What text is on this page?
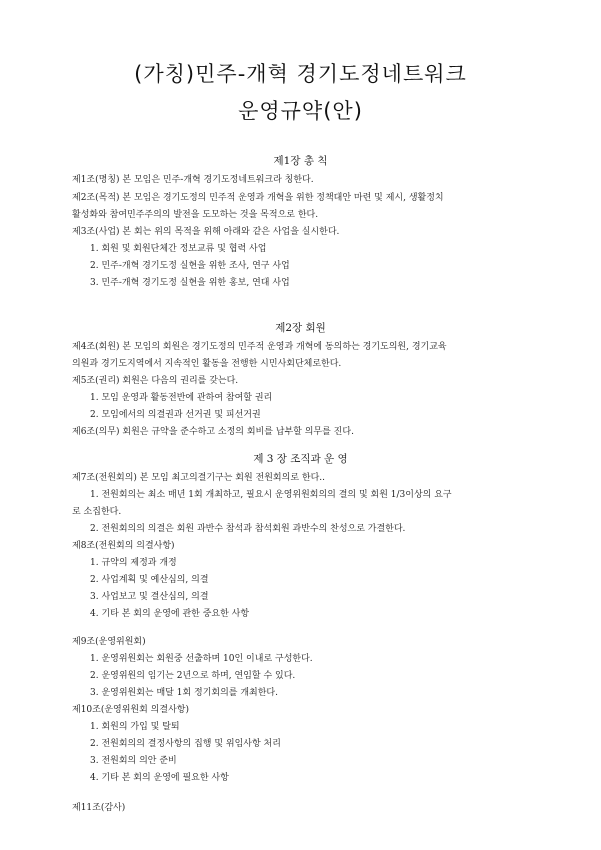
(가칭)민주-개혁 경기도정네트워크
운영규약(안)
제1장 총 칙
제1조(명칭) 본 모임은 민주-개혁 경기도정네트워크라 칭한다.
제2조(목적) 본 모임은 경기도정의 민주적 운영과 개혁을 위한 정책대안 마련 및 제시, 생활정치
활성화와 참여민주주의의 발전을 도모하는 것을 목적으로 한다.
제3조(사업) 본 회는 위의 목적을 위해 아래와 같은 사업을 실시한다.
1. 회원 및 회원단체간 정보교류 및 협력 사업
2. 민주-개혁 경기도정 실현을 위한 조사, 연구 사업
3. 민주-개혁 경기도정 실현을 위한 홍보, 연대 사업
제2장 회원
제4조(회원) 본 모임의 회원은 경기도정의 민주적 운영과 개혁에 동의하는 경기도의원, 경기교육
의원과 경기도지역에서 지속적인 활동을 전행한 시민사회단체로한다.
제5조(권리) 회원은 다음의 권리를 갖는다.
1. 모임 운영과 활동전반에 관하여 참여할 권리
2. 모임에서의 의결권과 선거권 및 피선거권
제6조(의무) 회원은 규약을 준수하고 소정의 회비를 납부할 의무를 진다.
제 3 장 조직과 운 영
제7조(전원회의) 본 모임 최고의결기구는 회원 전원회의로 한다..
1. 전원회의는 최소 매년 1회 개최하고, 필요시 운영위원회의의 결의 및 회원 1/3이상의 요구
로 소집한다.
2. 전원회의의 의결은 회원 과반수 참석과 참석회원 과반수의 찬성으로 가결한다.
제8조(전원회의 의결사항)
1. 규약의 제정과 개정
2. 사업계획 및 예산심의, 의결
3. 사업보고 및 결산심의, 의결
4. 기타 본 회의 운영에 관한 중요한 사항
제9조(운영위원회)
1. 운영위원회는 회원중 선출하며 10인 이내로 구성한다.
2. 운영위원의 임기는 2년으로 하며, 연임할 수 있다.
3. 운영위원회는 매달 1회 정기회의를 개최한다.
제10조(운영위원회 의결사항)
1. 회원의 가입 및 탈퇴
2. 전원회의의 결정사항의 집행 및 위임사항 처리
3. 전원회의 의안 준비
4. 기타 본 회의 운영에 필요한 사항
제11조(감사)
